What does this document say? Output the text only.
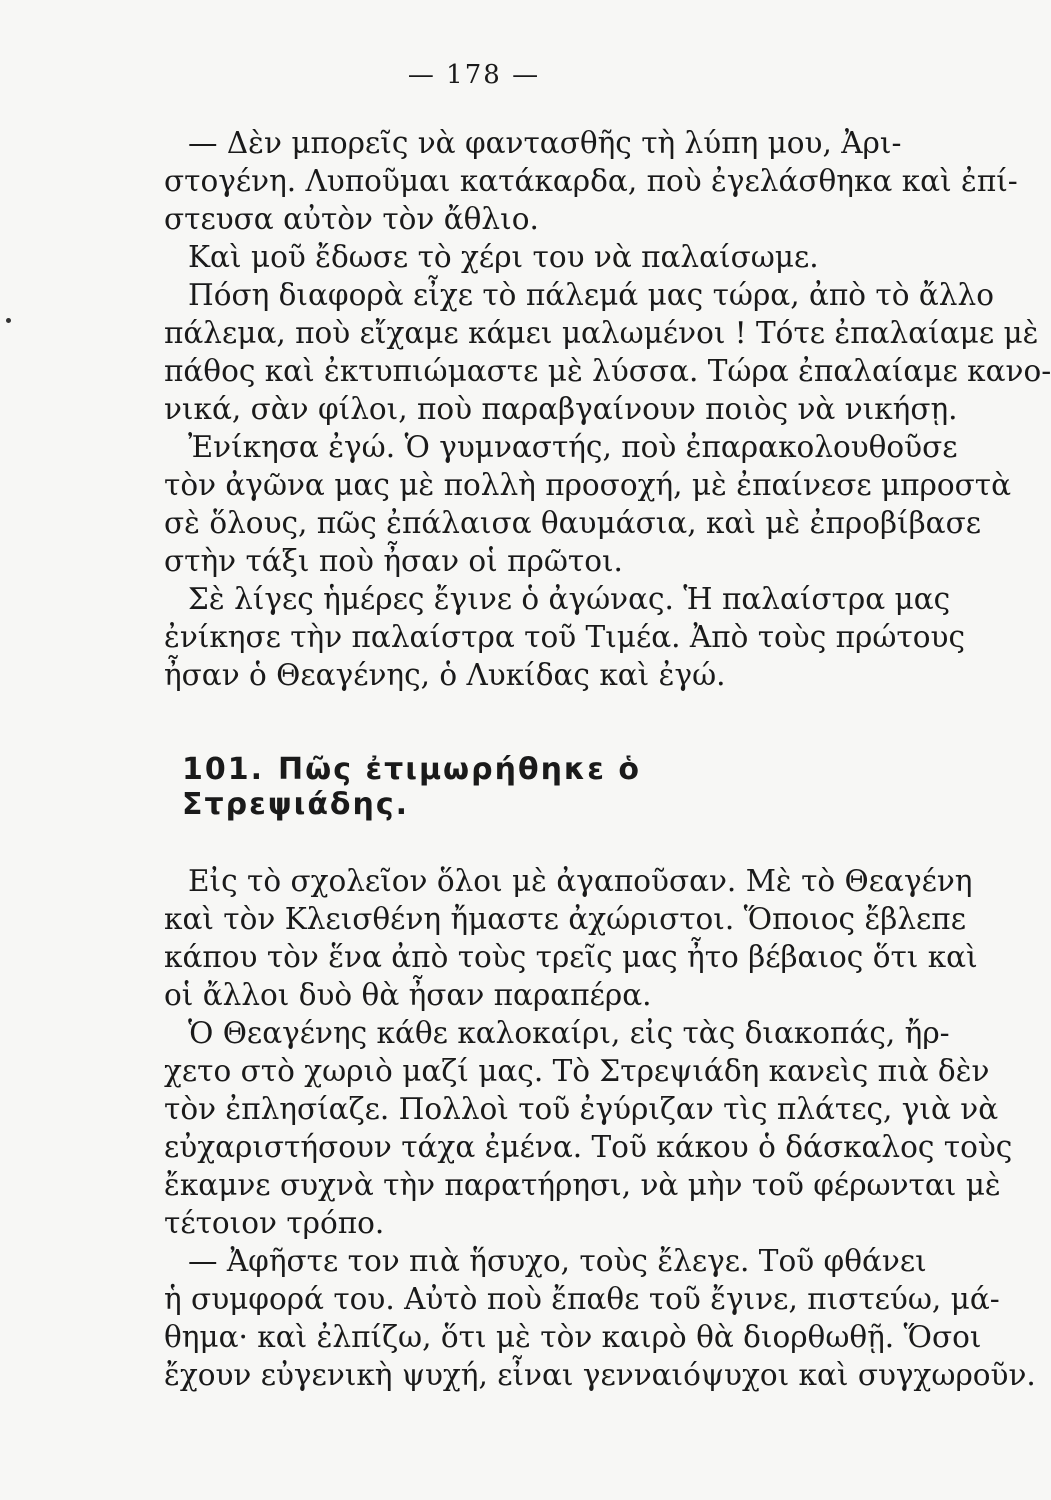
— 178 —
— Δὲν μπορεῖς νὰ φαντασθῆς τὴ λύπη μου, Ἀρι-
στογένη. Λυποῦμαι κατάκαρδα, ποὺ ἐγελάσθηκα καὶ ἐπί-
στευσα αὐτὸν τὸν ἄθλιο.
Καὶ μοῦ ἔδωσε τὸ χέρι του νὰ παλαίσωμε.
Πόση διαφορὰ εἶχε τὸ πάλεμά μας τώρα, ἀπὸ τὸ ἄλλο
πάλεμα, ποὺ εἴχαμε κάμει μαλωμένοι ! Τότε ἐπαλαίαμε μὲ
πάθος καὶ ἐκτυπιώμαστε μὲ λύσσα. Τώρα ἐπαλαίαμε κανο-
νικά, σὰν φίλοι, ποὺ παραβγαίνουν ποιὸς νὰ νικήσῃ.
Ἐνίκησα ἐγώ. Ὁ γυμναστής, ποὺ ἐπαρακολουθοῦσε
τὸν ἀγῶνα μας μὲ πολλὴ προσοχή, μὲ ἐπαίνεσε μπροστὰ
σὲ ὅλους, πῶς ἐπάλαισα θαυμάσια, καὶ μὲ ἐπροβίβασε
στὴν τάξι ποὺ ἦσαν οἱ πρῶτοι.
Σὲ λίγες ἡμέρες ἔγινε ὁ ἀγώνας. Ἡ παλαίστρα μας
ἐνίκησε τὴν παλαίστρα τοῦ Τιμέα. Ἀπὸ τοὺς πρώτους
ἦσαν ὁ Θεαγένης, ὁ Λυκίδας καὶ ἐγώ.
101. Πῶς ἐτιμωρήθηκε ὁ Στρεψιάδης.
Εἰς τὸ σχολεῖον ὅλοι μὲ ἀγαποῦσαν. Μὲ τὸ Θεαγένη
καὶ τὸν Κλεισθένη ἤμαστε ἀχώριστοι. Ὅποιος ἔβλεπε
κάπου τὸν ἕνα ἀπὸ τοὺς τρεῖς μας ἦτο βέβαιος ὅτι καὶ
οἱ ἄλλοι δυὸ θὰ ἦσαν παραπέρα.
Ὁ Θεαγένης κάθε καλοκαίρι, εἰς τὰς διακοπάς, ἤρ-
χετο στὸ χωριὸ μαζί μας. Τὸ Στρεψιάδη κανεὶς πιὰ δὲν
τὸν ἐπλησίαζε. Πολλοὶ τοῦ ἐγύριζαν τὶς πλάτες, γιὰ νὰ
εὐχαριστήσουν τάχα ἐμένα. Τοῦ κάκου ὁ δάσκαλος τοὺς
ἔκαμνε συχνὰ τὴν παρατήρησι, νὰ μὴν τοῦ φέρωνται μὲ
τέτοιον τρόπο.
— Ἀφῆστε τον πιὰ ἥσυχο, τοὺς ἔλεγε. Τοῦ φθάνει
ἡ συμφορά του. Αὐτὸ ποὺ ἔπαθε τοῦ ἔγινε, πιστεύω, μά-
θημα· καὶ ἐλπίζω, ὅτι μὲ τὸν καιρὸ θὰ διορθωθῇ. Ὅσοι
ἔχουν εὐγενικὴ ψυχή, εἶναι γενναιόψυχοι καὶ συγχωροῦν.
